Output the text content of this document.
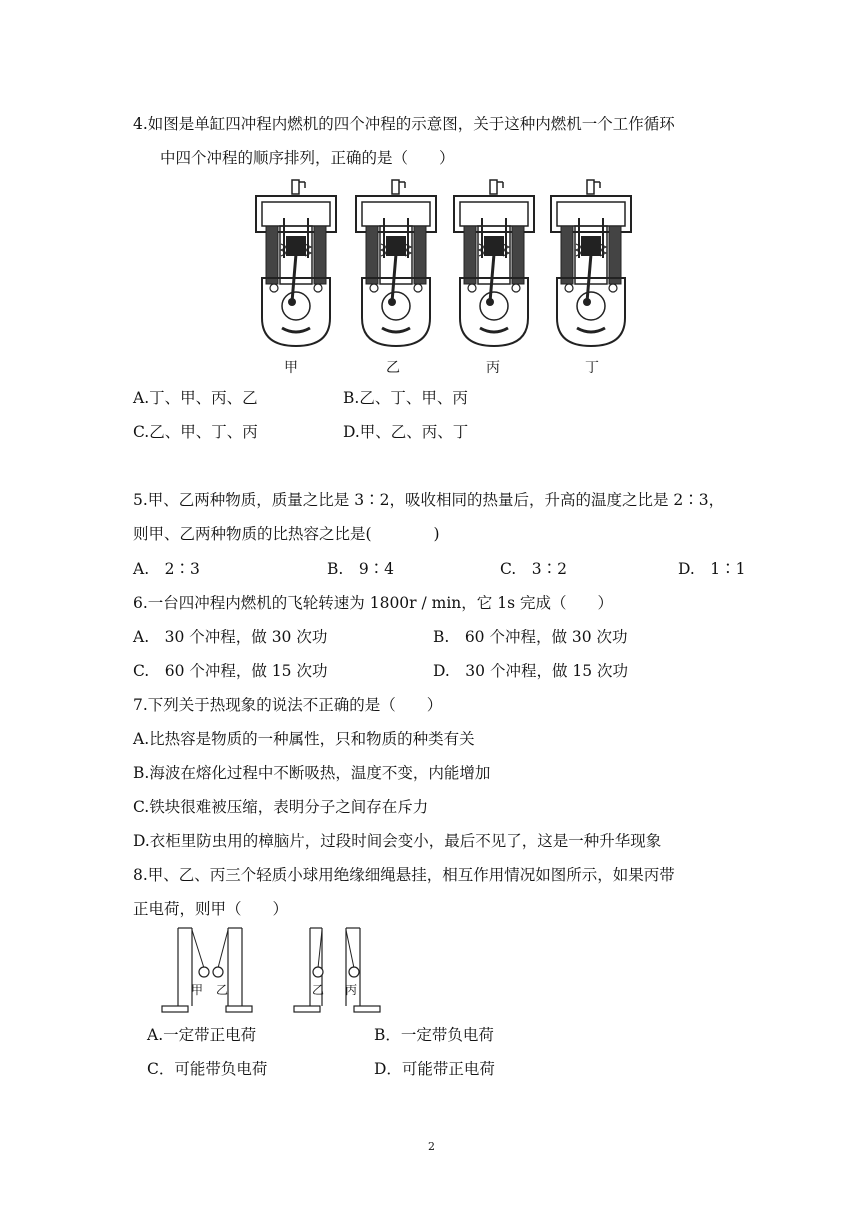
4.如图是单缸四冲程内燃机的四个冲程的示意图，关于这种内燃机一个工作循环
中四个冲程的顺序排列，正确的是（　　）
甲	乙	丙	丁
A.丁、甲、丙、乙	B.乙、丁、甲、丙
C.乙、甲、丁、丙	D.甲、乙、丙、丁
5.甲、乙两种物质，质量之比是 3∶2，吸收相同的热量后，升高的温度之比是 2∶3，
则甲、乙两种物质的比热容之比是(　　　　)
A.　2∶3	B.　9∶4	C.　3∶2	D.　1∶1
6.一台四冲程内燃机的飞轮转速为 1800r / min，它 1s 完成（　　）
A.　30 个冲程，做 30 次功	B.　60 个冲程，做 30 次功
C.　60 个冲程，做 15 次功	D.　30 个冲程，做 15 次功
7.下列关于热现象的说法不正确的是（　　）
A.比热容是物质的一种属性，只和物质的种类有关
B.海波在熔化过程中不断吸热，温度不变，内能增加
C.铁块很难被压缩，表明分子之间存在斥力
D.衣柜里防虫用的樟脑片，过段时间会变小，最后不见了，这是一种升华现象
8.甲、乙、丙三个轻质小球用绝缘细绳悬挂，相互作用情况如图所示，如果丙带
正电荷，则甲（　　）
甲 乙	乙 丙
A.一定带正电荷	B．一定带负电荷
C．可能带负电荷	D．可能带正电荷
2
